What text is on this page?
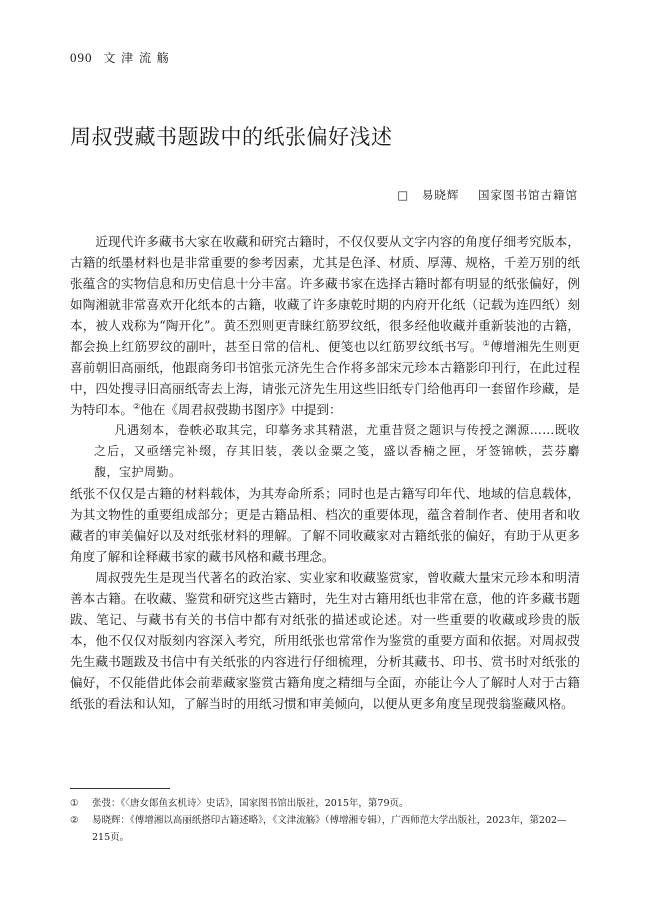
090 文 津 流 觞
周叔弢藏书题跋中的纸张偏好浅述
□ 易晓辉 国家图书馆古籍馆

近现代许多藏书大家在收藏和研究古籍时，不仅仅要从文字内容的角度仔细考究版本，古籍的纸墨材料也是非常重要的参考因素，尤其是色泽、材质、厚薄、规格，千差万别的纸张蕴含的实物信息和历史信息十分丰富。许多藏书家在选择古籍时都有明显的纸张偏好，例如陶湘就非常喜欢开化纸本的古籍，收藏了许多康乾时期的内府开化纸（记载为连四纸）刻本，被人戏称为“陶开化”。黄丕烈则更青睐红筋罗纹纸，很多经他收藏并重新装池的古籍，都会换上红筋罗纹的副叶，甚至日常的信札、便笺也以红筋罗纹纸书写。①傅增湘先生则更喜前朝旧高丽纸，他跟商务印书馆张元济先生合作将多部宋元珍本古籍影印刊行，在此过程中，四处搜寻旧高丽纸寄去上海，请张元济先生用这些旧纸专门给他再印一套留作珍藏，是为特印本。②他在《周君叔弢勘书图序》中提到：

凡遇刻本，卷帙必取其完，印摹务求其精湛，尤重昔贤之题识与传授之渊源……既收之后，又亟缮完补缀，存其旧装，袭以金粟之笺，盛以香楠之匣，牙签锦帙，芸芬麝馥，宝护周勤。

纸张不仅仅是古籍的材料载体，为其寿命所系；同时也是古籍写印年代、地域的信息载体，为其文物性的重要组成部分；更是古籍品相、档次的重要体现，蕴含着制作者、使用者和收藏者的审美偏好以及对纸张材料的理解。了解不同收藏家对古籍纸张的偏好，有助于从更多角度了解和诠释藏书家的藏书风格和藏书理念。

周叔弢先生是现当代著名的政治家、实业家和收藏鉴赏家，曾收藏大量宋元珍本和明清善本古籍。在收藏、鉴赏和研究这些古籍时，先生对古籍用纸也非常在意，他的许多藏书题跋、笔记、与藏书有关的书信中都有对纸张的描述或论述。对一些重要的收藏或珍贵的版本，他不仅仅对版刻内容深入考究，所用纸张也常常作为鉴赏的重要方面和依据。对周叔弢先生藏书题跋及书信中有关纸张的内容进行仔细梳理，分析其藏书、印书、赏书时对纸张的偏好，不仅能借此体会前辈藏家鉴赏古籍角度之精细与全面，亦能让今人了解时人对于古籍纸张的看法和认知，了解当时的用纸习惯和审美倾向，以便从更多角度呈现弢翁鉴藏风格。

①	张弢：《〈唐女郎鱼玄机诗〉史话》，国家图书馆出版社，2015年，第79页。
②	易晓辉：《傅增湘以高丽纸搭印古籍述略》，《文津流觞》（傅增湘专辑），广西师范大学出版社，2023年，第202—215页。
